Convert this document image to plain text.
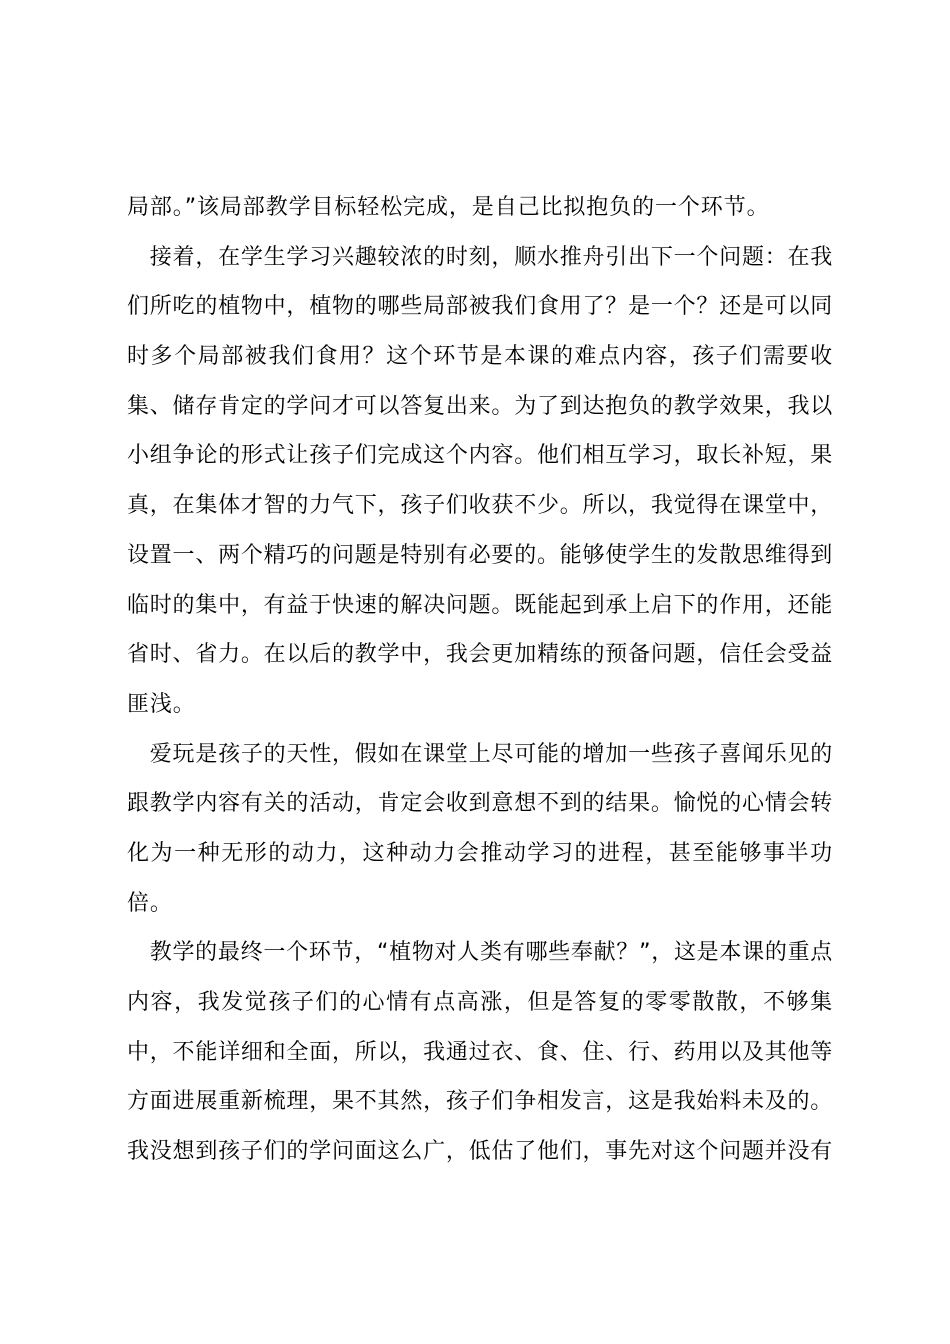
局部。”该局部教学目标轻松完成，是自己比拟抱负的一个环节。
　接着，在学生学习兴趣较浓的时刻，顺水推舟引出下一个问题：在我
们所吃的植物中，植物的哪些局部被我们食用了？是一个？还是可以同
时多个局部被我们食用？这个环节是本课的难点内容，孩子们需要收
集、储存肯定的学问才可以答复出来。为了到达抱负的教学效果，我以
小组争论的形式让孩子们完成这个内容。他们相互学习，取长补短，果
真，在集体才智的力气下，孩子们收获不少。所以，我觉得在课堂中，
设置一、两个精巧的问题是特别有必要的。能够使学生的发散思维得到
临时的集中，有益于快速的解决问题。既能起到承上启下的作用，还能
省时、省力。在以后的教学中，我会更加精练的预备问题，信任会受益
匪浅。
　爱玩是孩子的天性，假如在课堂上尽可能的增加一些孩子喜闻乐见的
跟教学内容有关的活动，肯定会收到意想不到的结果。愉悦的心情会转
化为一种无形的动力，这种动力会推动学习的进程，甚至能够事半功
倍。
　教学的最终一个环节，“植物对人类有哪些奉献？”，这是本课的重点
内容，我发觉孩子们的心情有点高涨，但是答复的零零散散，不够集
中，不能详细和全面，所以，我通过衣、食、住、行、药用以及其他等
方面进展重新梳理，果不其然，孩子们争相发言，这是我始料未及的。
我没想到孩子们的学问面这么广，低估了他们，事先对这个问题并没有
